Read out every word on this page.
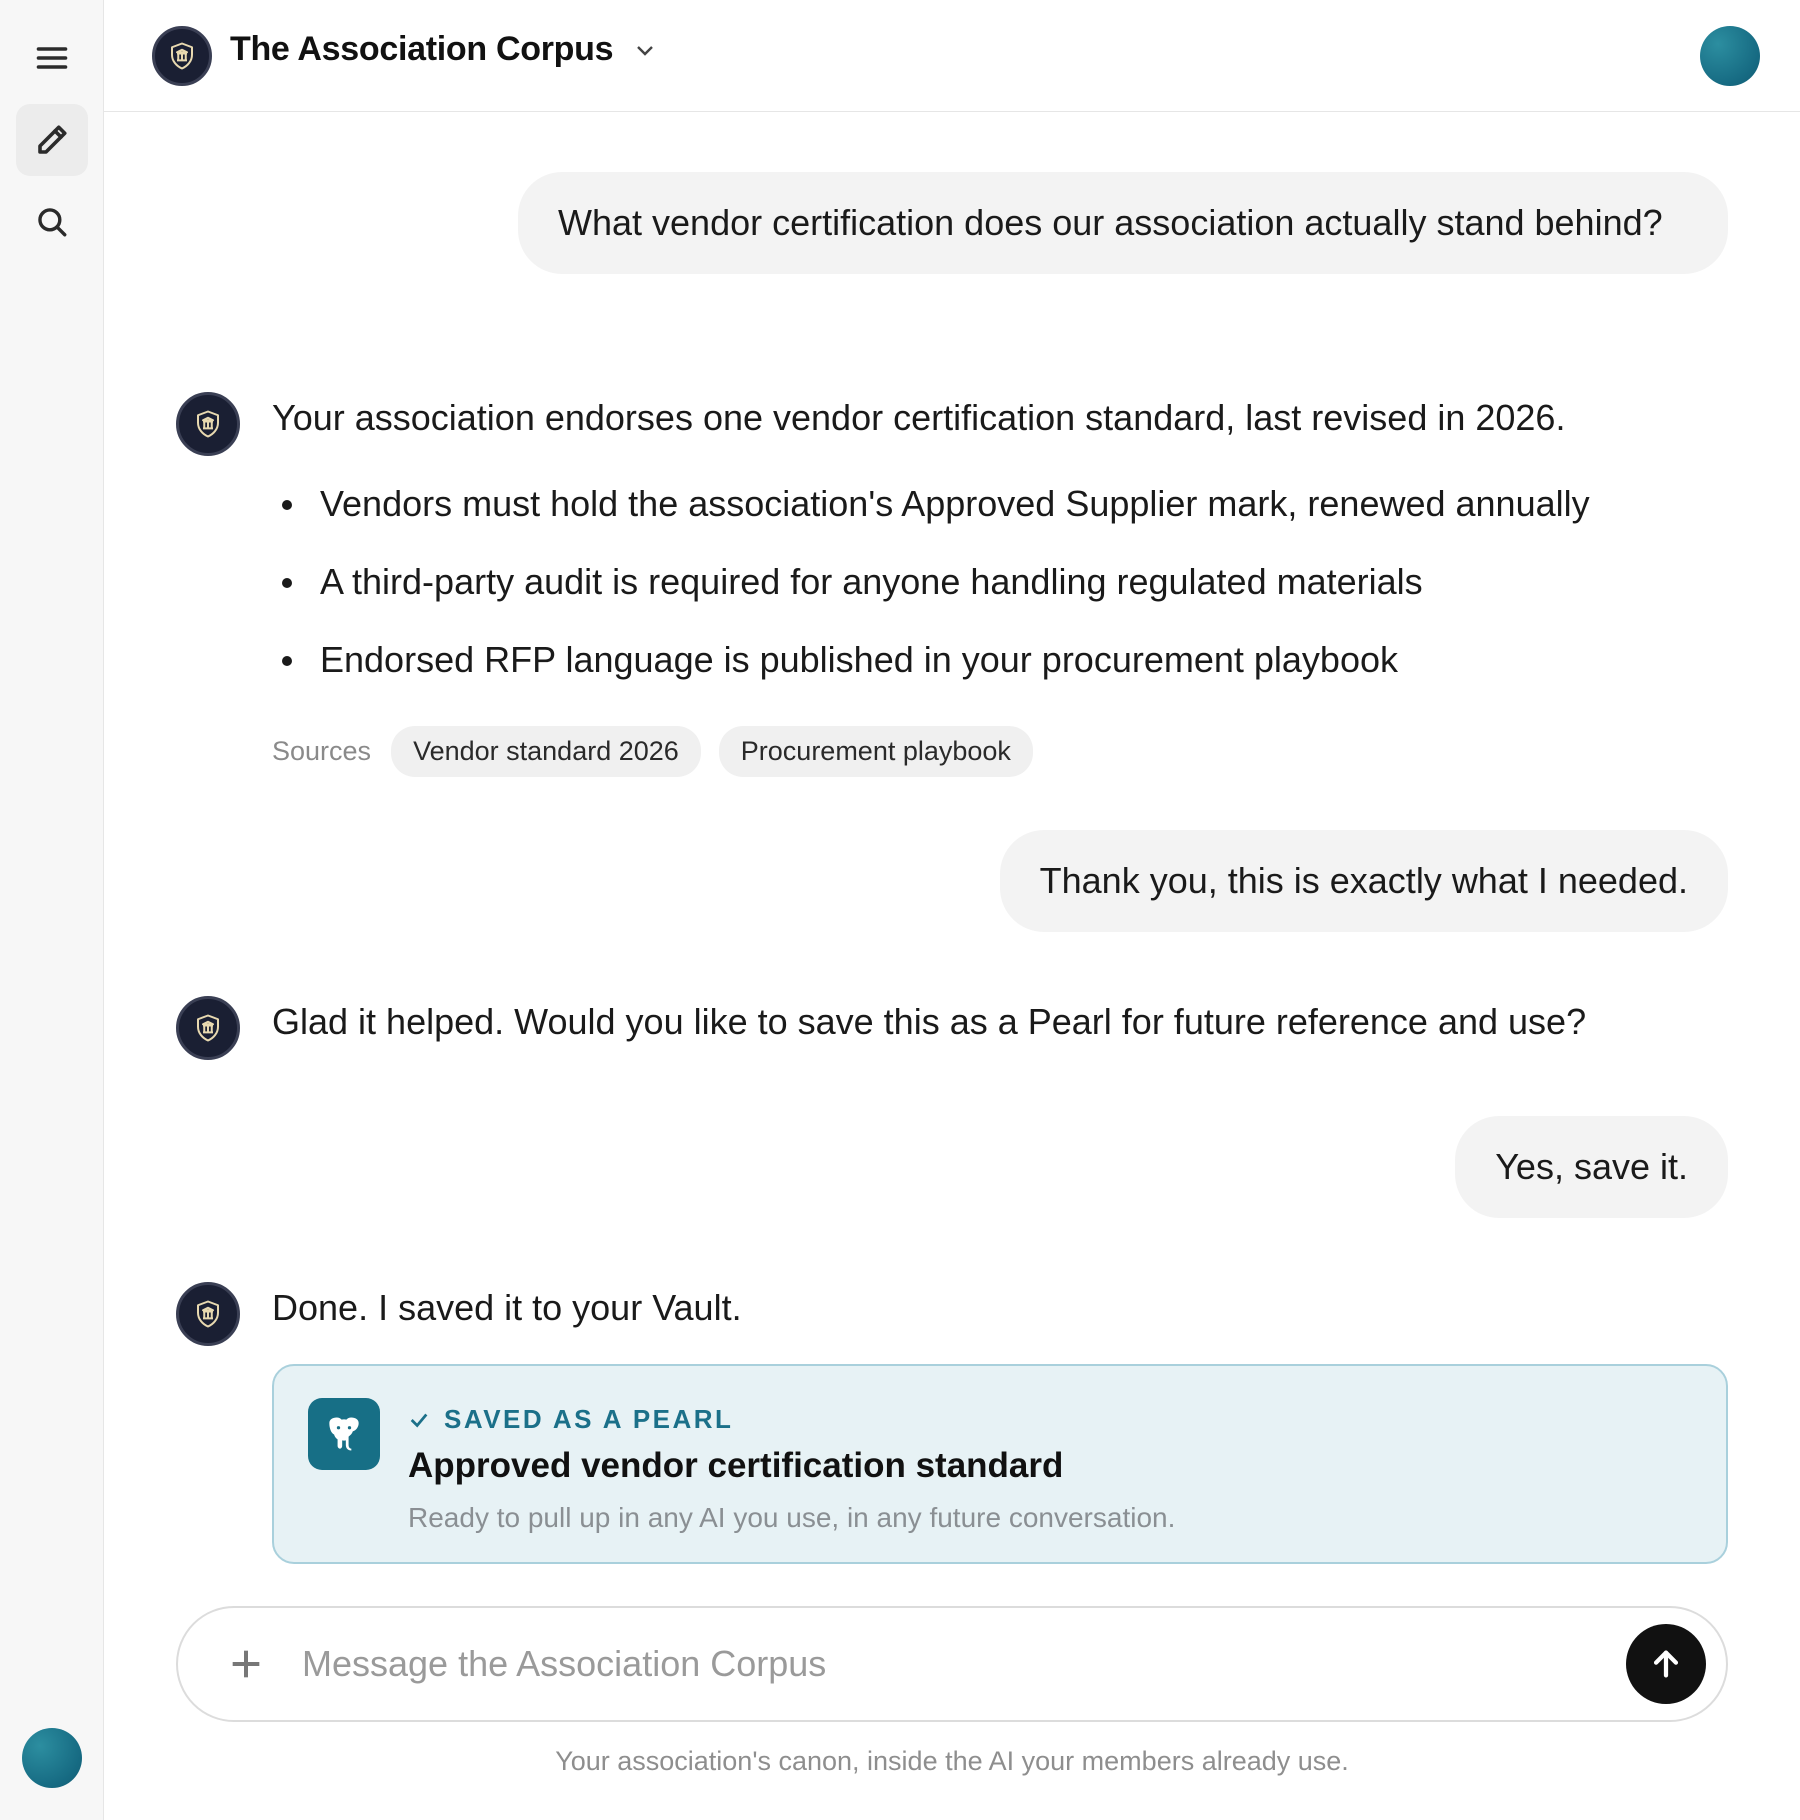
The Association Corpus
What vendor certification does our association actually stand behind?
Your association endorses one vendor certification standard, last revised in 2026.
Vendors must hold the association's Approved Supplier mark, renewed annually
A third-party audit is required for anyone handling regulated materials
Endorsed RFP language is published in your procurement playbook
Sources	Vendor standard 2026	Procurement playbook
Thank you, this is exactly what I needed.
Glad it helped. Would you like to save this as a Pearl for future reference and use?
Yes, save it.
Done. I saved it to your Vault.
SAVED AS A PEARL
Approved vendor certification standard
Ready to pull up in any AI you use, in any future conversation.
Message the Association Corpus
Your association's canon, inside the AI your members already use.
